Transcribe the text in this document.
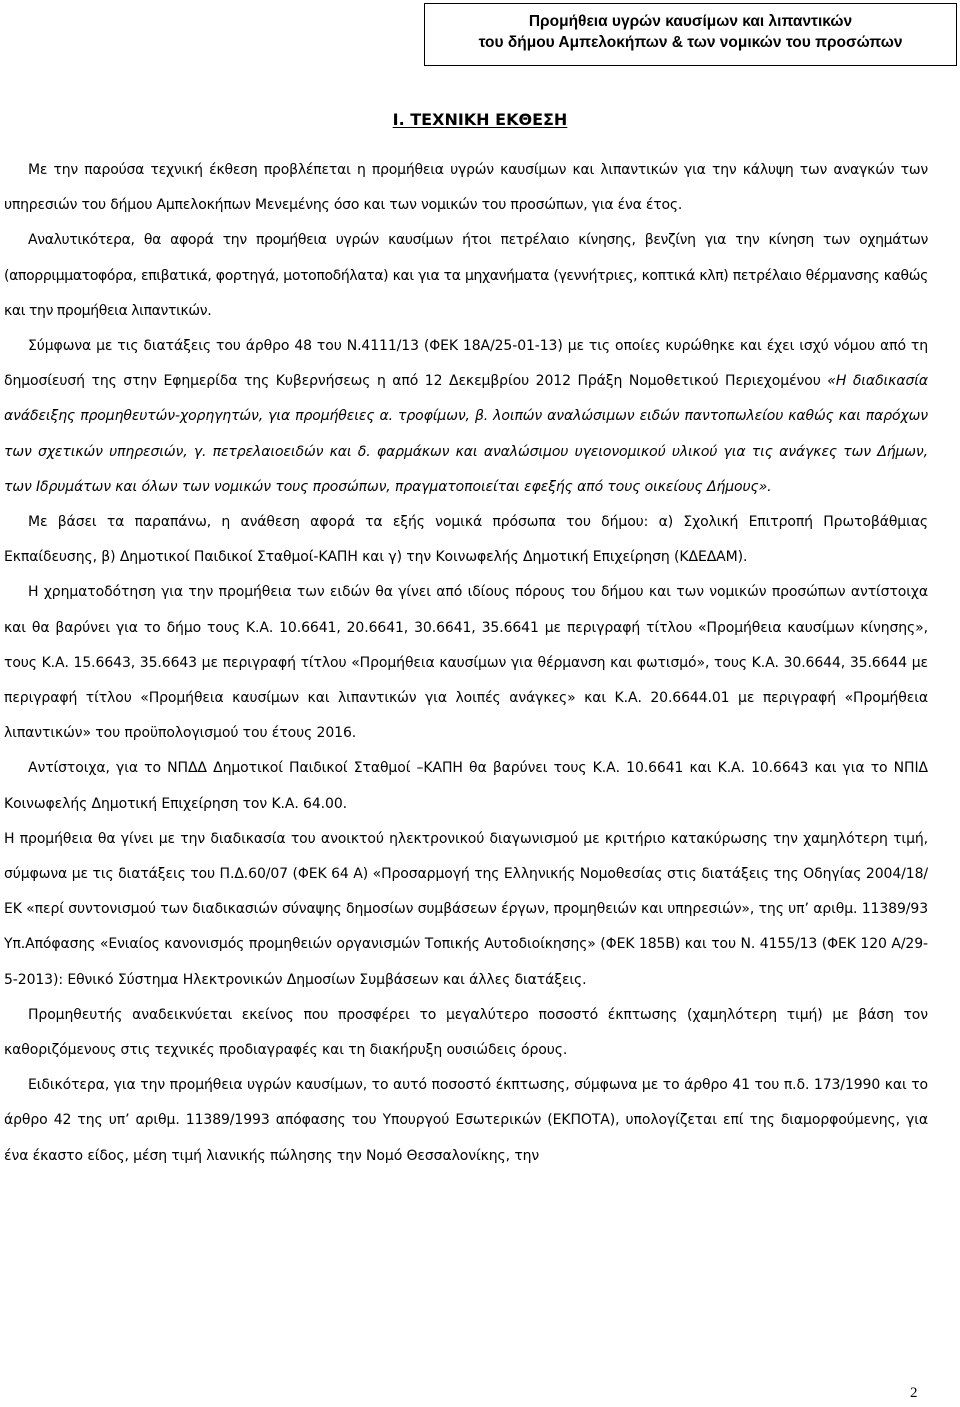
Προμήθεια υγρών καυσίμων και λιπαντικών
του δήμου Αμπελοκήπων & των νομικών του προσώπων
Ι. ΤΕΧΝΙΚΗ ΕΚΘΕΣΗ

Με την παρούσα τεχνική έκθεση προβλέπεται η προμήθεια υγρών καυσίμων και λιπαντικών για την κάλυψη των αναγκών των υπηρεσιών του δήμου Αμπελοκήπων Μενεμένης όσο και των νομικών του προσώπων, για ένα έτος.

Αναλυτικότερα, θα αφορά την προμήθεια υγρών καυσίμων ήτοι πετρέλαιο κίνησης, βενζίνη για την κίνηση των οχημάτων (απορριμματοφόρα, επιβατικά, φορτηγά, μοτοποδήλατα) και για τα μηχανήματα (γεννήτριες, κοπτικά κλπ) πετρέλαιο θέρμανσης καθώς και την προμήθεια λιπαντικών.

Σύμφωνα με τις διατάξεις του άρθρο 48 του Ν.4111/13 (ΦΕΚ 18Α/25-01-13) με τις οποίες κυρώθηκε και έχει ισχύ νόμου από τη δημοσίευσή της στην Εφημερίδα της Κυβερνήσεως η από 12 Δεκεμβρίου 2012 Πράξη Νομοθετικού Περιεχομένου «Η διαδικασία ανάδειξης προμηθευτών-χορηγητών, για προμήθειες α. τροφίμων, β. λοιπών αναλώσιμων ειδών παντοπωλείου καθώς και παρόχων των σχετικών υπηρεσιών, γ. πετρελαιοειδών και δ. φαρμάκων και αναλώσιμου υγειονομικού υλικού για τις ανάγκες των Δήμων, των Ιδρυμάτων και όλων των νομικών τους προσώπων, πραγματοποιείται εφεξής από τους οικείους Δήμους».

Με βάσει τα παραπάνω, η ανάθεση αφορά τα εξής νομικά πρόσωπα του δήμου: α) Σχολική Επιτροπή Πρωτοβάθμιας Εκπαίδευσης, β) Δημοτικοί Παιδικοί Σταθμοί-ΚΑΠΗ και γ) την Κοινωφελής Δημοτική Επιχείρηση (ΚΔΕΔΑΜ).

Η χρηματοδότηση για την προμήθεια των ειδών θα γίνει από ιδίους πόρους του δήμου και των νομικών προσώπων αντίστοιχα και θα βαρύνει για το δήμο τους Κ.Α. 10.6641, 20.6641, 30.6641, 35.6641 με περιγραφή τίτλου «Προμήθεια καυσίμων κίνησης», τους Κ.Α. 15.6643, 35.6643 με περιγραφή τίτλου «Προμήθεια καυσίμων για θέρμανση και φωτισμό», τους Κ.Α. 30.6644, 35.6644 με περιγραφή τίτλου «Προμήθεια καυσίμων και λιπαντικών για λοιπές ανάγκες» και Κ.Α. 20.6644.01 με περιγραφή «Προμήθεια λιπαντικών» του προϋπολογισμού του έτους 2016.

Αντίστοιχα, για το ΝΠΔΔ Δημοτικοί Παιδικοί Σταθμοί –ΚΑΠΗ θα βαρύνει τους Κ.Α. 10.6641 και Κ.Α. 10.6643 και για το ΝΠΙΔ Κοινωφελής Δημοτική Επιχείρηση τον Κ.Α. 64.00.

Η προμήθεια θα γίνει με την διαδικασία του ανοικτού ηλεκτρονικού διαγωνισμού με κριτήριο κατακύρωσης την χαμηλότερη τιμή, σύμφωνα με τις διατάξεις του Π.Δ.60/07 (ΦΕΚ 64 Α) «Προσαρμογή της Ελληνικής Νομοθεσίας στις διατάξεις της Οδηγίας 2004/18/ΕΚ «περί συντονισμού των διαδικασιών σύναψης δημοσίων συμβάσεων έργων, προμηθειών και υπηρεσιών», της υπ’ αριθμ. 11389/93 Υπ.Απόφασης «Ενιαίος κανονισμός προμηθειών οργανισμών Τοπικής Αυτοδιοίκησης» (ΦΕΚ 185Β) και του Ν. 4155/13 (ΦΕΚ 120 Α/29-5-2013): Εθνικό Σύστημα Ηλεκτρονικών Δημοσίων Συμβάσεων και άλλες διατάξεις.

Προμηθευτής αναδεικνύεται εκείνος που προσφέρει το μεγαλύτερο ποσοστό έκπτωσης (χαμηλότερη τιμή) με βάση τον καθοριζόμενους στις τεχνικές προδιαγραφές και τη διακήρυξη ουσιώδεις όρους.

Ειδικότερα, για την προμήθεια υγρών καυσίμων, το αυτό ποσοστό έκπτωσης, σύμφωνα με το άρθρο 41 του π.δ. 173/1990 και το άρθρο 42 της υπ’ αριθμ. 11389/1993 απόφασης του Υπουργού Εσωτερικών (ΕΚΠΟΤΑ), υπολογίζεται επί της διαμορφούμενης, για ένα έκαστο είδος, μέση τιμή λιανικής πώλησης την Νομό Θεσσαλονίκης, την

2
